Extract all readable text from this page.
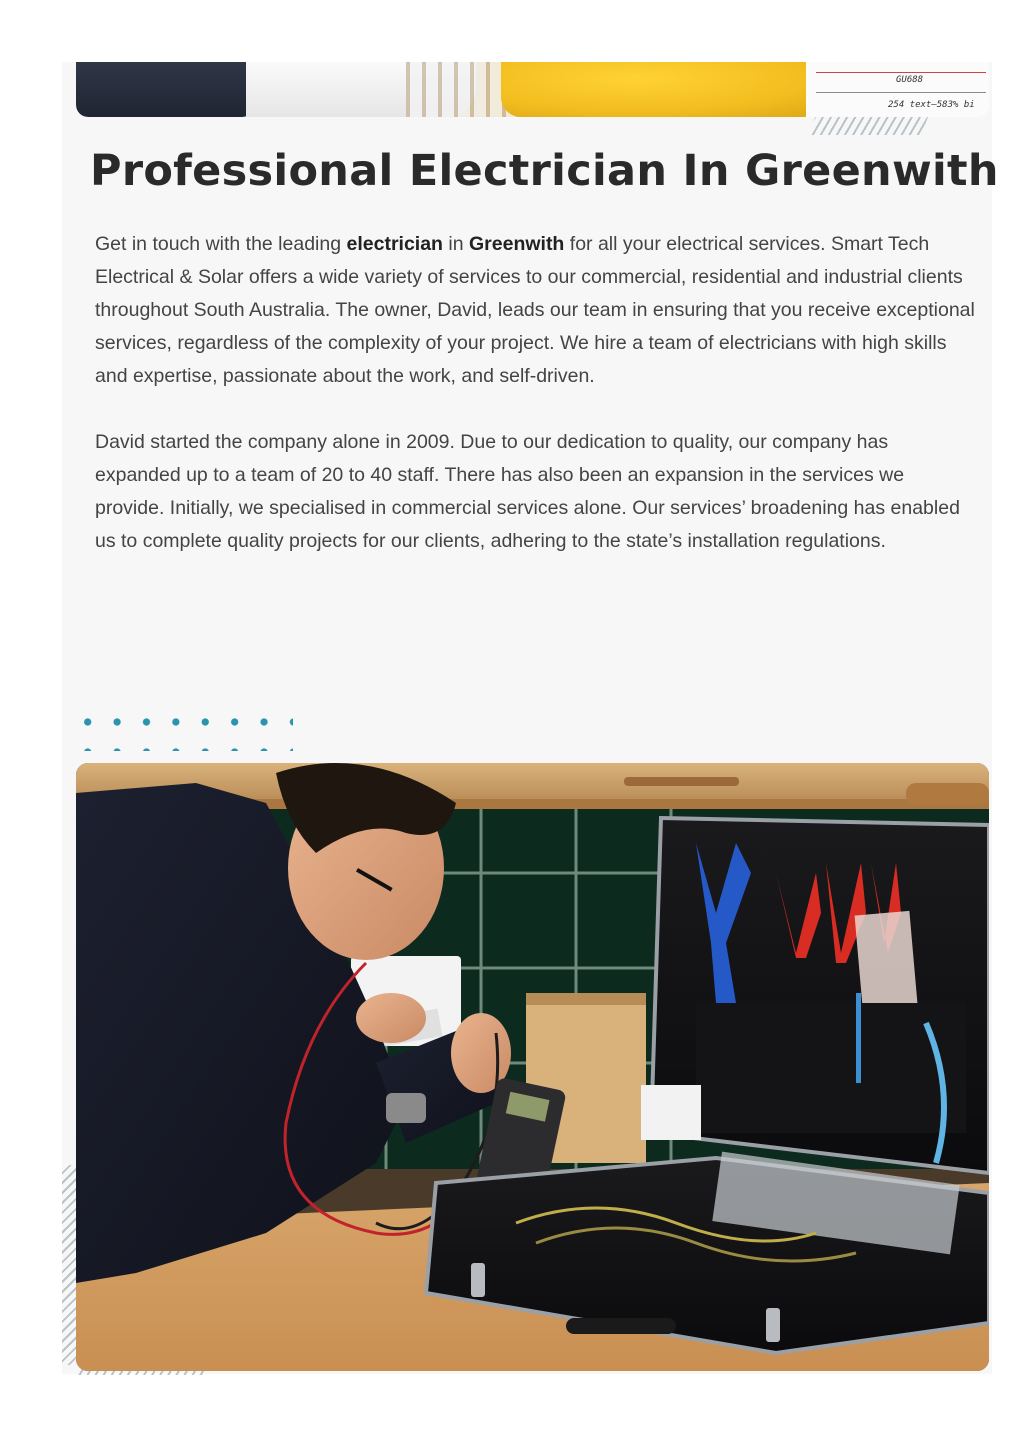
GU688
254 text—583% bi
Professional Electrician In Greenwith

Get in touch with the leading electrician in Greenwith for all your electrical services. Smart Tech Electrical & Solar offers a wide variety of services to our commercial, residential and industrial clients throughout South Australia. The owner, David, leads our team in ensuring that you receive exceptional services, regardless of the complexity of your project. We hire a team of electricians with high skills and expertise, passionate about the work, and self-driven.

David started the company alone in 2009. Due to our dedication to quality, our company has expanded up to a team of 20 to 40 staff. There has also been an expansion in the services we provide. Initially, we specialised in commercial services alone. Our services’ broadening has enabled us to complete quality projects for our clients, adhering to the state’s installation regulations.
